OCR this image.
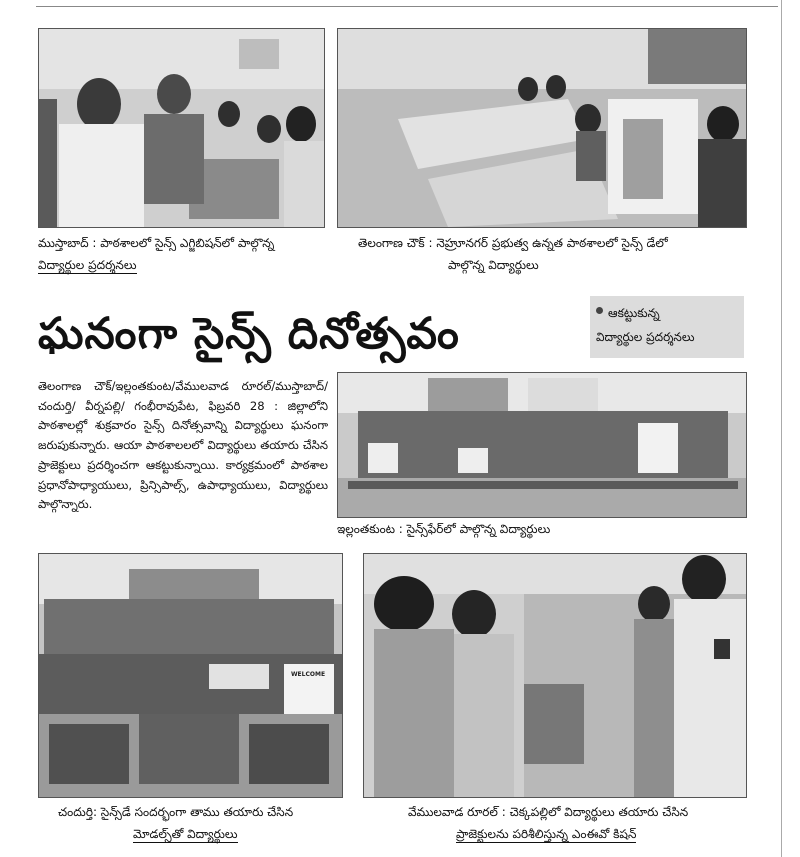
ముస్తాబాద్ : పాఠశాలలో సైన్స్ ఎగ్జిబిషన్‌లో పాల్గొన్న
విద్యార్థుల ప్రదర్శనలు
తెలంగాణ చౌక్ : నెహ్రూనగర్ ప్రభుత్వ ఉన్నత పాఠశాలలో సైన్స్ డేలో
పాల్గొన్న విద్యార్థులు
ఘనంగా సైన్స్ దినోత్సవం	ఆకట్టుకున్న
విద్యార్థుల ప్రదర్శనలు
తెలంగాణ చౌక్/ఇల్లంతకుంట/వేములవాడ రూరల్/ముస్తాబాద్/చందుర్తి/ వీర్నపల్లి/ గంభీరావుపేట, ఫిబ్రవరి 28 : జిల్లాలోని పాఠశాలల్లో శుక్రవారం సైన్స్ దినోత్సవాన్ని విద్యార్థులు ఘనంగా జరుపుకున్నారు. ఆయా పాఠశాలలలో విద్యార్థులు తయారు చేసిన ప్రాజెక్టులు ప్రదర్శించగా ఆకట్టుకున్నాయి. కార్యక్రమంలో పాఠశాల ప్రధానోపాధ్యాయులు, ప్రిన్సిపాల్స్, ఉపాధ్యాయులు, విద్యార్థులు పాల్గొన్నారు.
ఇల్లంతకుంట : సైన్స్‌ఫేర్‌లో పాల్గొన్న విద్యార్థులు
WELCOME
చందుర్తి: సైన్స్‌డే సందర్భంగా తాము తయారు చేసిన
మోడల్స్‌తో విద్యార్థులు
వేములవాడ రూరల్ : చెక్కపల్లిలో విద్యార్థులు తయారు చేసిన
ప్రాజెక్టులను పరిశీలిస్తున్న ఎంఈవో కిషన్
